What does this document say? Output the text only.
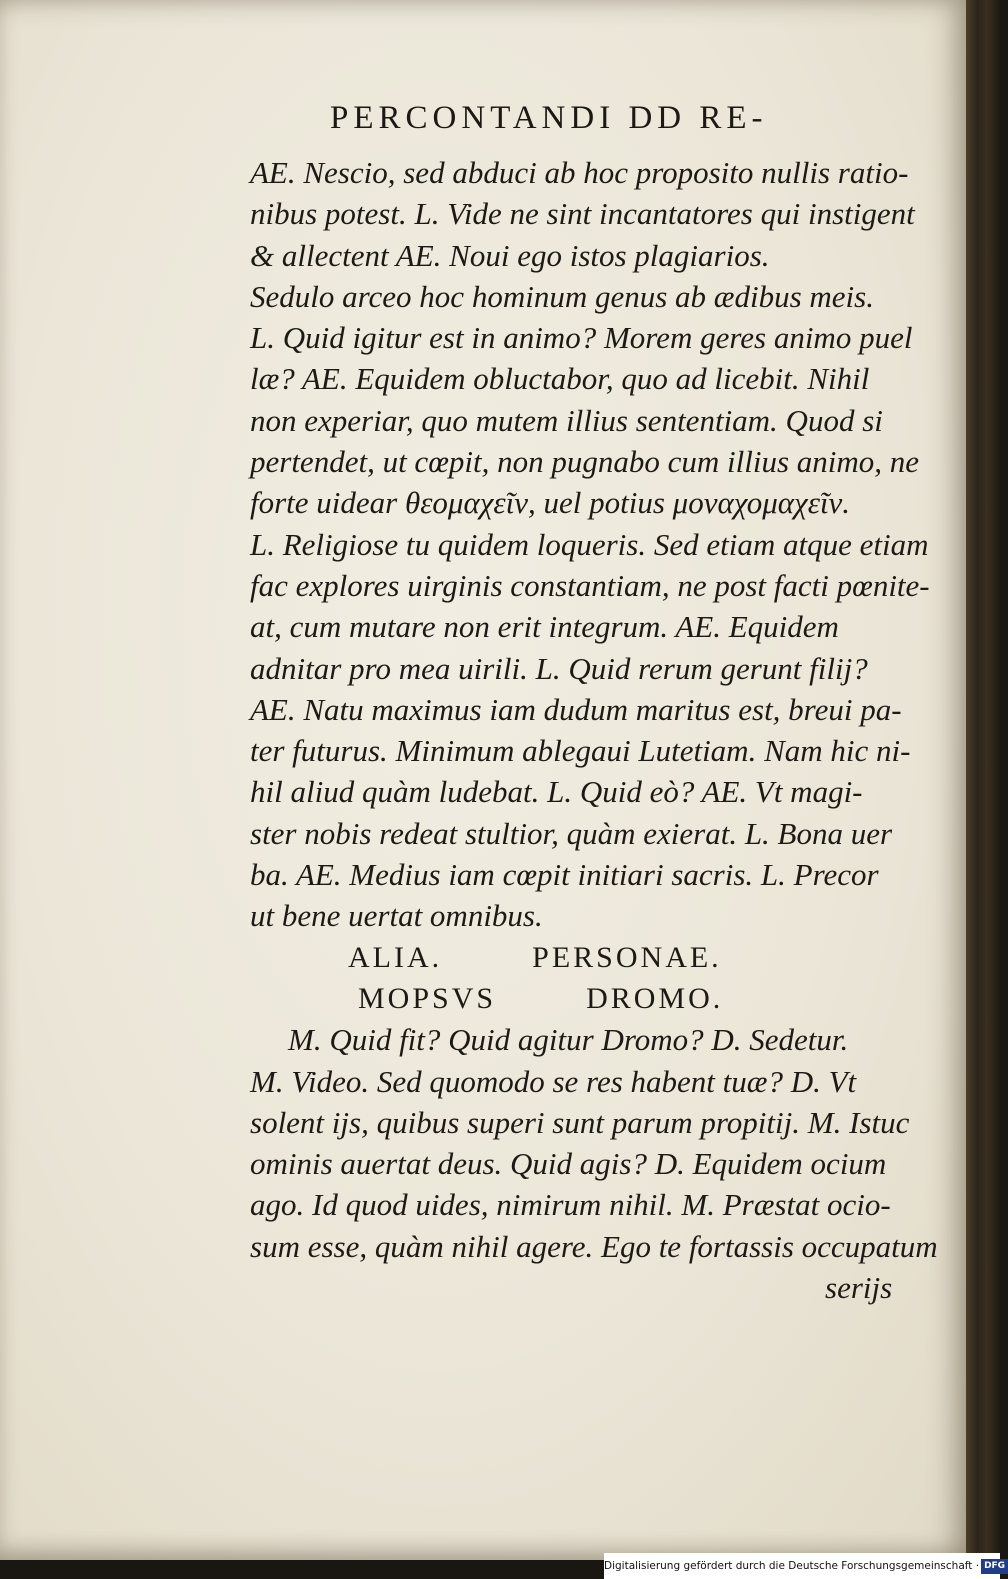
PERCONTANDI DD RE-
AE. Nescio, sed abduci ab hoc proposito nullis ratio-
nibus potest. L. Vide ne sint incantatores qui instigent
& allectent AE. Noui ego istos plagiarios.
Sedulo arceo hoc hominum genus ab ædibus meis.
L. Quid igitur est in animo? Morem geres animo puel
læ? AE. Equidem obluctabor, quo ad licebit. Nihil
non experiar, quo mutem illius sententiam. Quod si
pertendet, ut cœpit, non pugnabo cum illius animo, ne
forte uidear θεομαχεῖν, uel potius μοναχομαχεῖν.
L. Religiose tu quidem loqueris. Sed etiam atque etiam
fac explores uirginis constantiam, ne post facti pœnite-
at, cum mutare non erit integrum. AE. Equidem
adnitar pro mea uirili. L. Quid rerum gerunt filij?
AE. Natu maximus iam dudum maritus est, breui pa-
ter futurus. Minimum ablegaui Lutetiam. Nam hic ni-
hil aliud quàm ludebat. L. Quid eò? AE. Vt magi-
ster nobis redeat stultior, quàm exierat. L. Bona uer
ba. AE. Medius iam cœpit initiari sacris. L. Precor
ut bene uertat omnibus.
ALIA.	PERSONAE.
MOPSVS	DROMO.
M. Quid fit? Quid agitur Dromo? D. Sedetur.
M. Video. Sed quomodo se res habent tuæ? D. Vt
solent ijs, quibus superi sunt parum propitij. M. Istuc
ominis auertat deus. Quid agis? D. Equidem ocium
ago. Id quod uides, nimirum nihil. M. Præstat ocio-
sum esse, quàm nihil agere. Ego te fortassis occupatum
serijs
Digitalisierung gefördert durch die Deutsche Forschungsgemeinschaft · DFG
